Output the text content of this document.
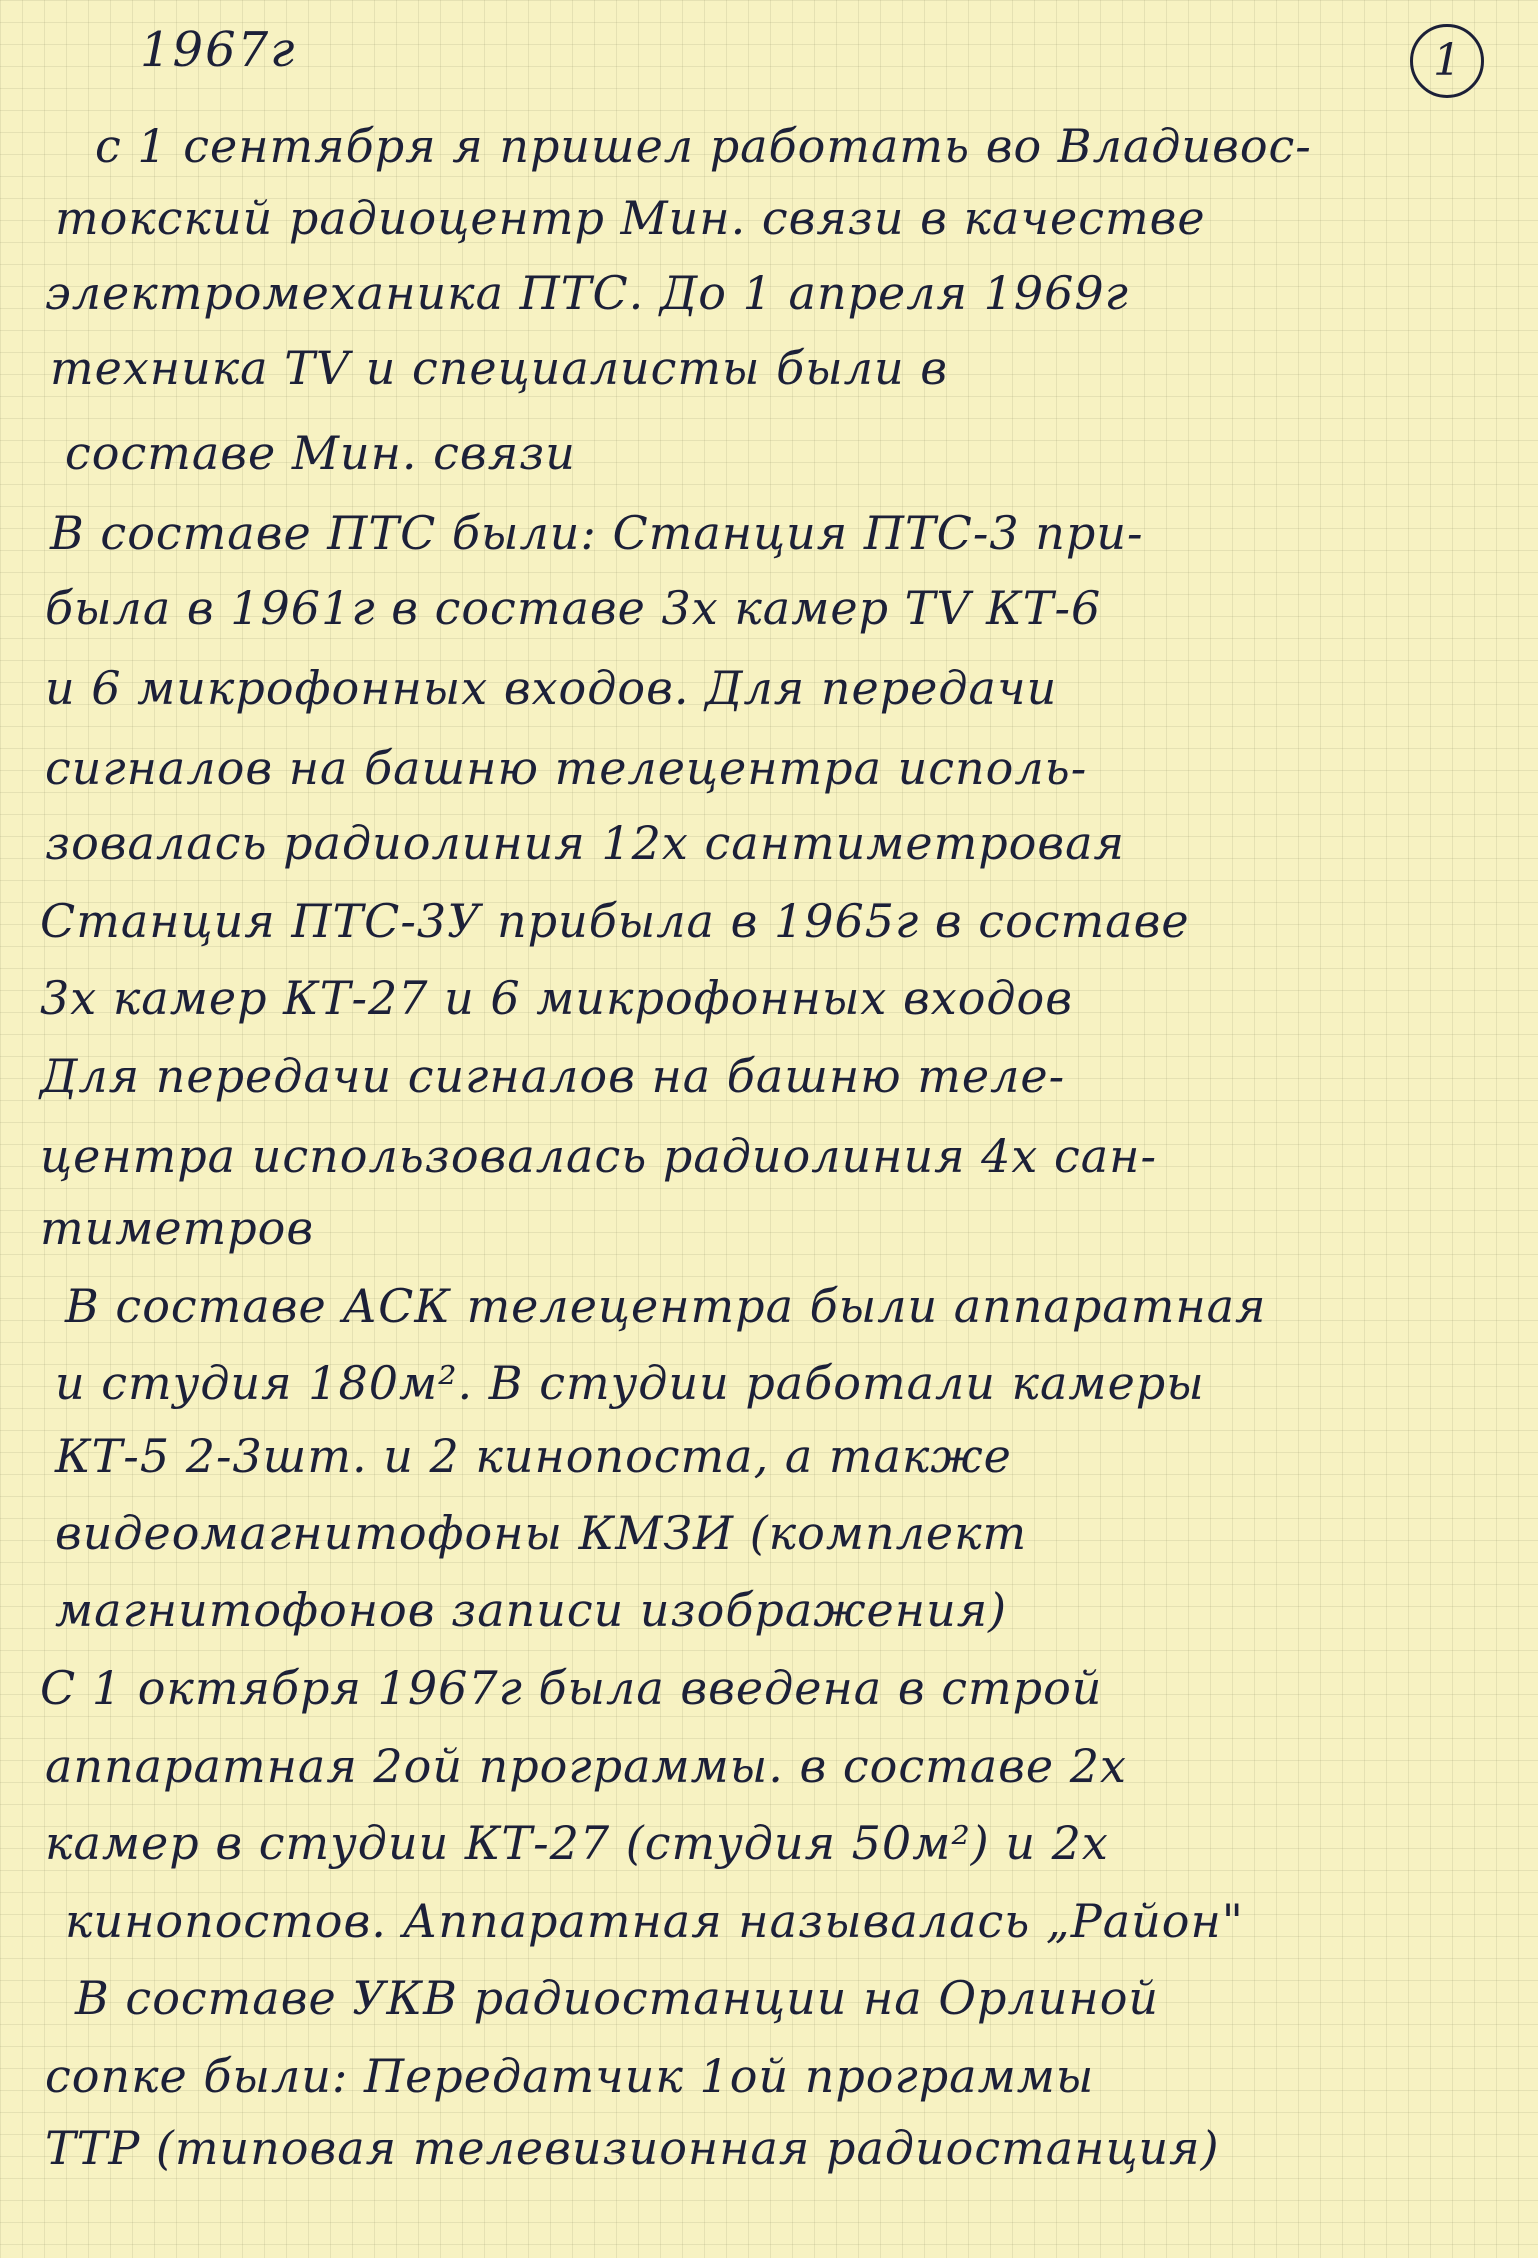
1967г	1
с 1 сентября я пришел работать во Владивос-
токский радиоцентр Мин. связи в качестве
электромеханика ПТС. До 1 апреля 1969г
техника TV и специалисты были в
составе Мин. связи
В составе ПТС были: Станция ПТС-3 при-
была в 1961г в составе 3х камер TV КТ-6
и 6 микрофонных входов. Для передачи
сигналов на башню телецентра исполь-
зовалась радиолиния 12х сантиметровая
Станция ПТС-3У прибыла в 1965г в составе
3х камер КТ-27 и 6 микрофонных входов
Для передачи сигналов на башню теле-
центра использовалась радиолиния 4х сан-
тиметров
В составе АСК телецентра были аппаратная
и студия 180м². В студии работали камеры
КТ-5 2-3шт. и 2 кинопоста, а также
видеомагнитофоны КМЗИ (комплект
магнитофонов записи изображения)
С 1 октября 1967г была введена в строй
аппаратная 2ой программы. в составе 2х
камер в студии КТ-27 (студия 50м²) и 2х
кинопостов. Аппаратная называлась „Район"
В составе УКВ радиостанции на Орлиной
сопке были: Передатчик 1ой программы
ТТР (типовая телевизионная радиостанция)
